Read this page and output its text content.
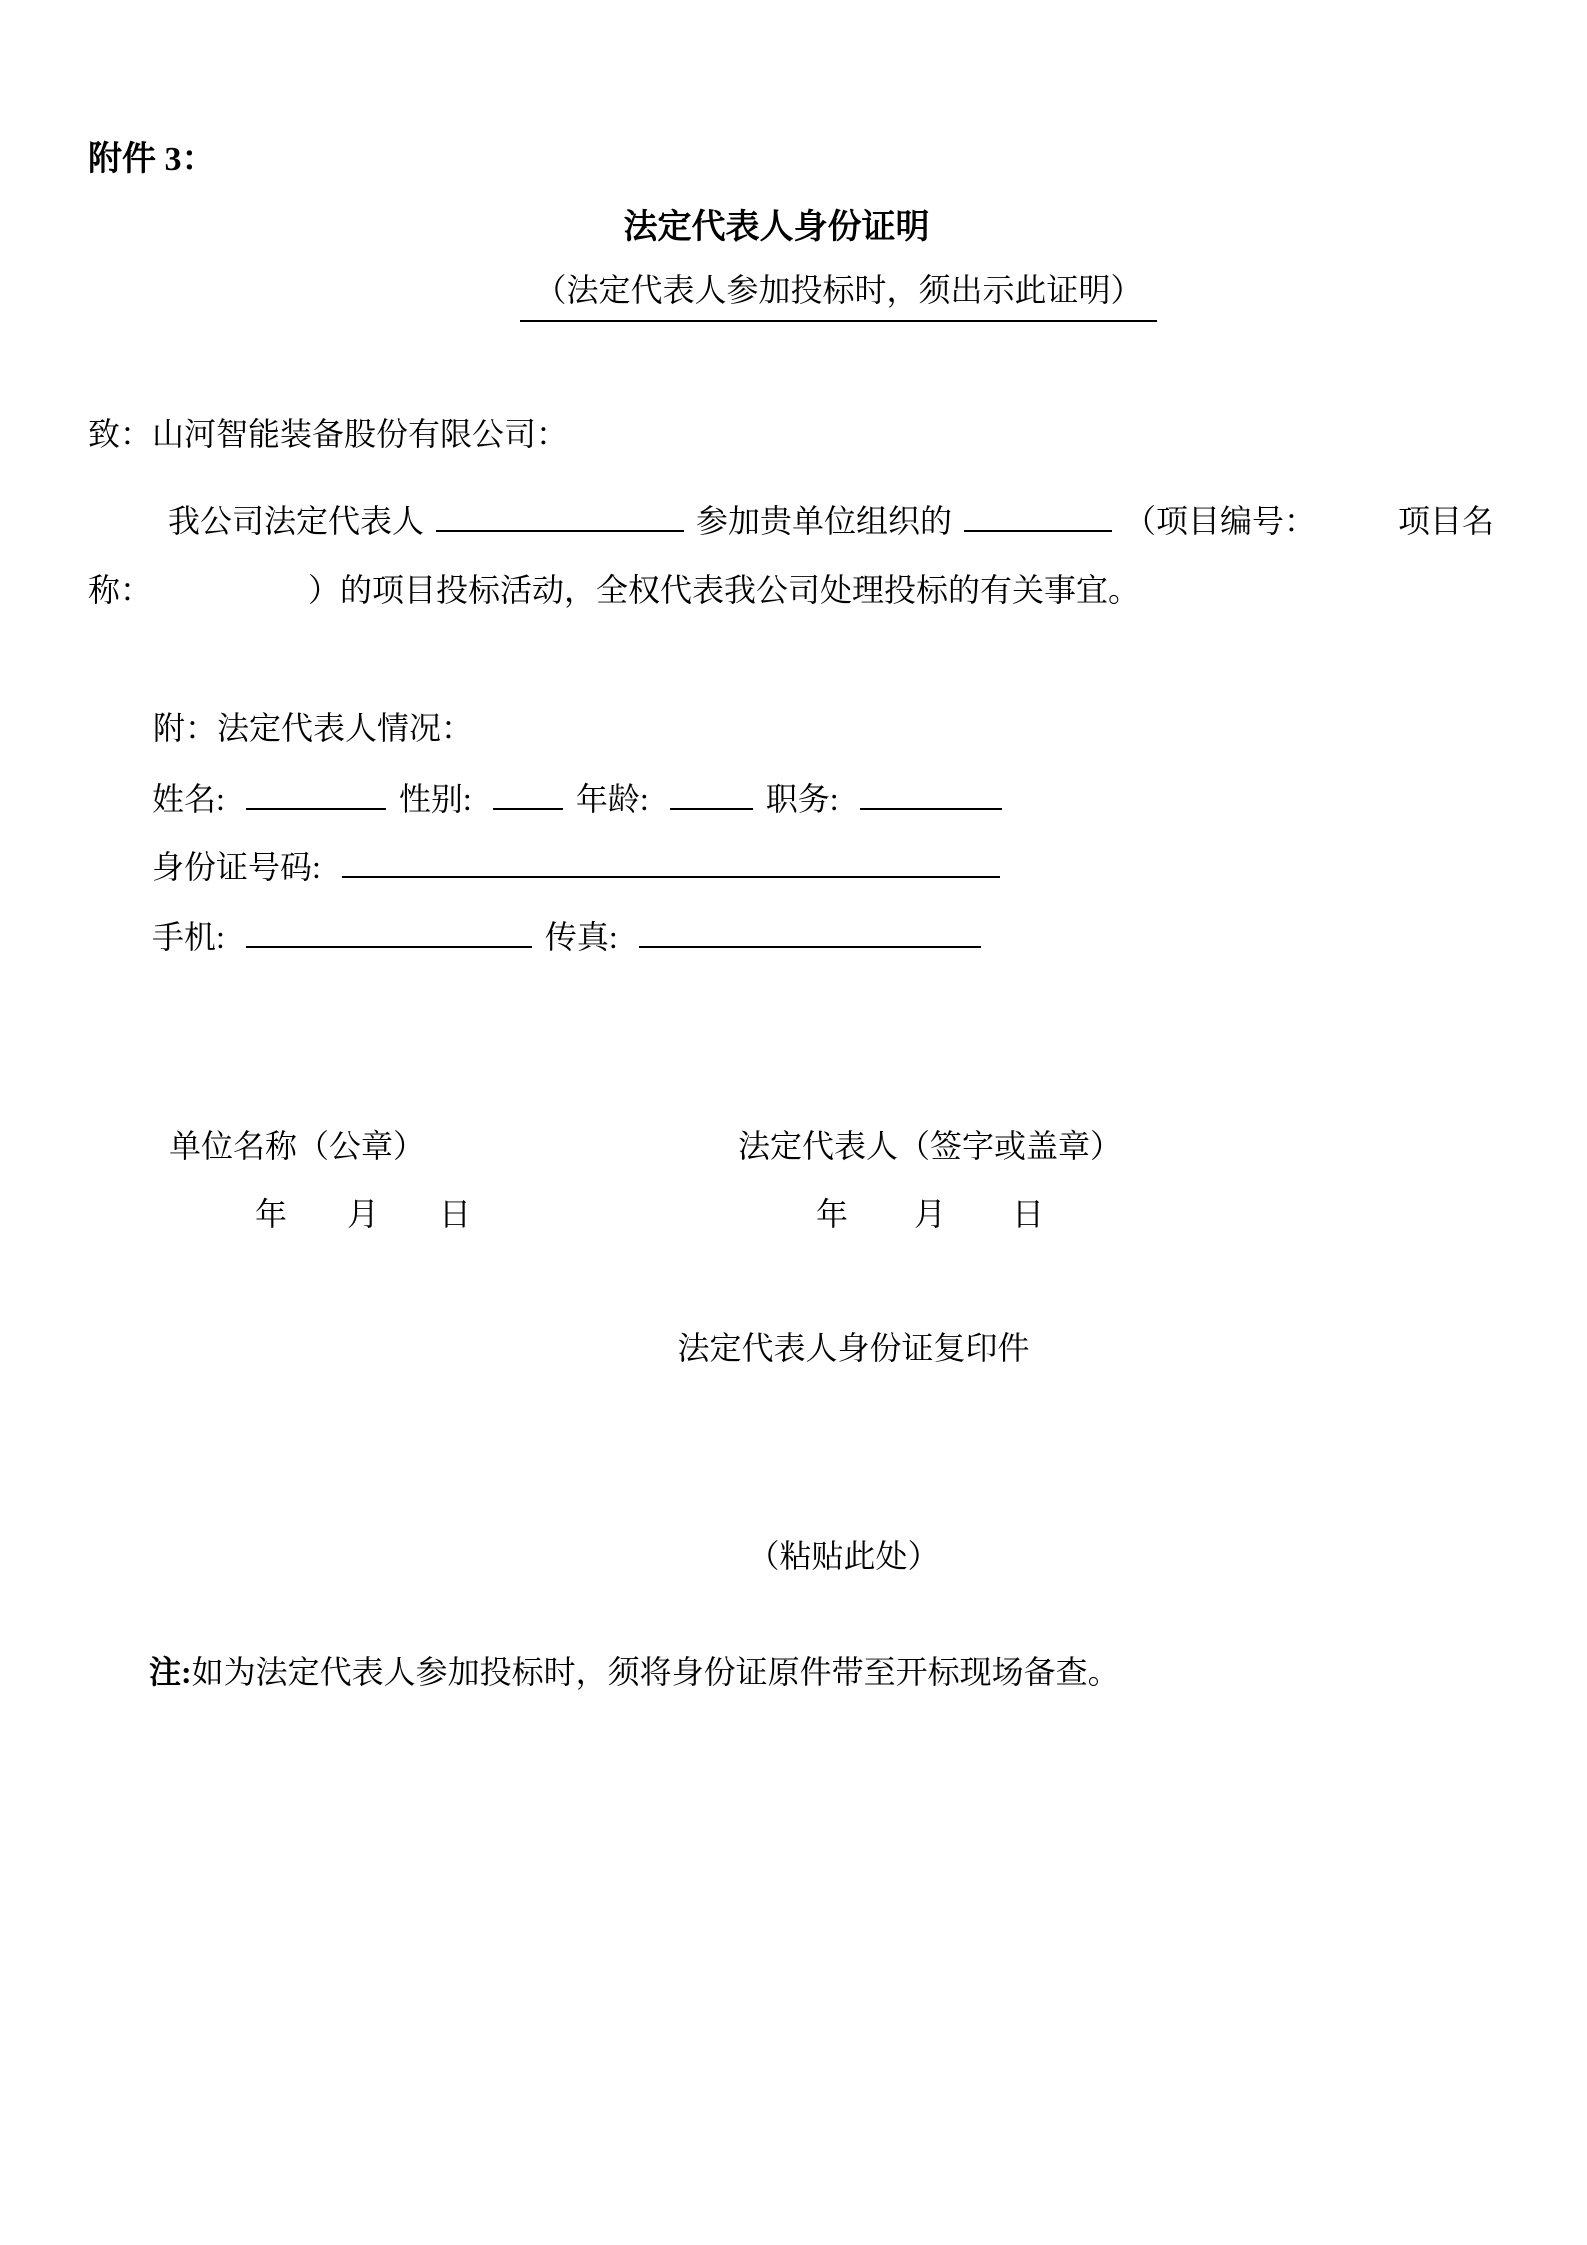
附件 3：
法定代表人身份证明
（法定代表人参加投标时，须出示此证明）
致：山河智能装备股份有限公司：
我公司法定代表人	参加贵单位组织的	（项目编号：	项目名
称：	）的项目投标活动，全权代表我公司处理投标的有关事宜。
附：法定代表人情况：
姓名:	性别:	年龄:	职务:
身份证号码:
手机:	传真:
单位名称（公章）	法定代表人（签字或盖章）
年 月 日	年 月 日
法定代表人身份证复印件
（粘贴此处）
注:如为法定代表人参加投标时，须将身份证原件带至开标现场备查。
